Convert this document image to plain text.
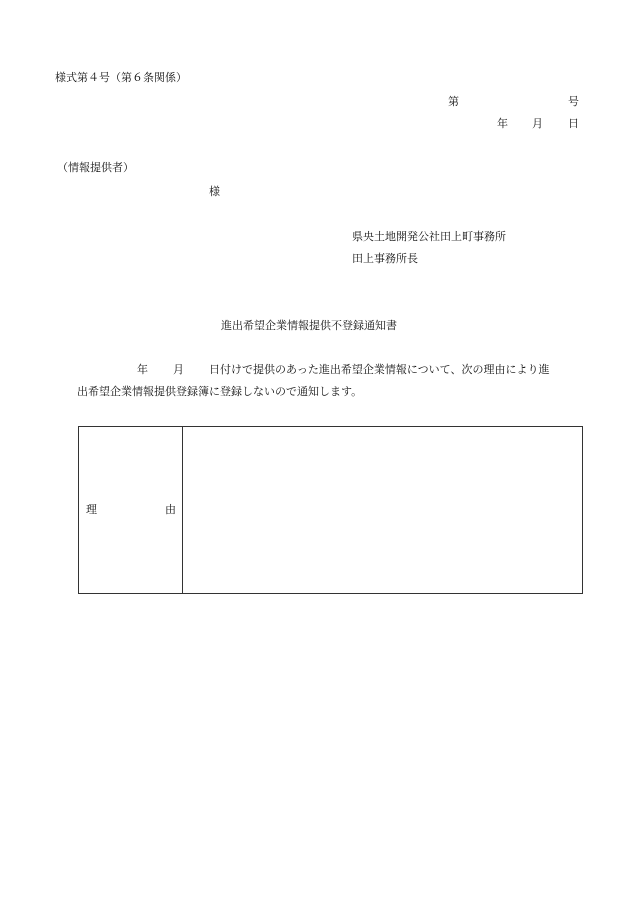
様式第４号（第６条関係）
第	号
年 月 日
（情報提供者）
様
県央土地開発公社田上町事務所
田上事務所長
進出希望企業情報提供不登録通知書
年 月 日付けで提供のあった進出希望企業情報について、次の理由により進
出希望企業情報提供登録簿に登録しないので通知します。
理	由
